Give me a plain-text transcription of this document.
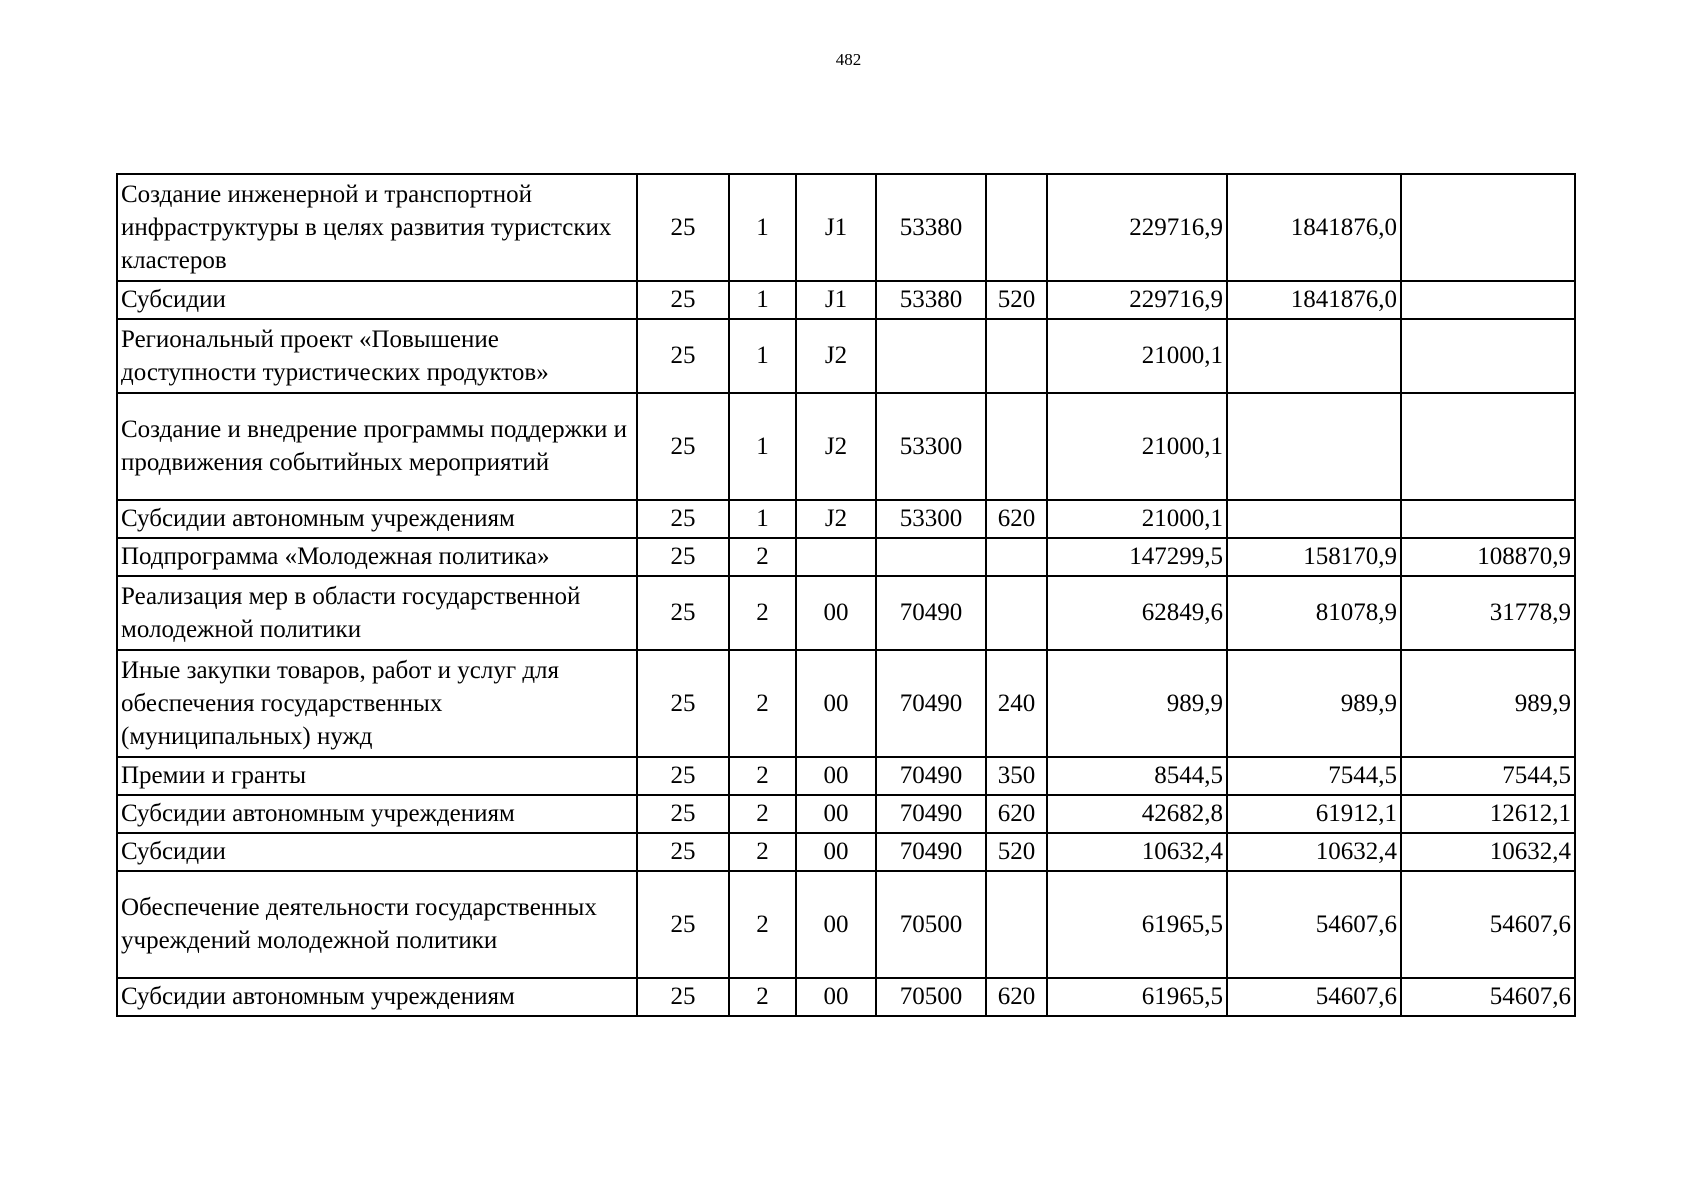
482
Создание инженерной и транспортной инфраструктуры в целях развития туристских кластеров	25	1	J1	53380		229716,9	1841876,0	
Субсидии	25	1	J1	53380	520	229716,9	1841876,0	
Региональный проект «Повышение доступности туристических продуктов»	25	1	J2			21000,1		
Создание и внедрение программы поддержки и продвижения событийных мероприятий	25	1	J2	53300		21000,1		
Субсидии автономным учреждениям	25	1	J2	53300	620	21000,1		
Подпрограмма «Молодежная политика»	25	2				147299,5	158170,9	108870,9
Реализация мер в области государственной молодежной политики	25	2	00	70490		62849,6	81078,9	31778,9
Иные закупки товаров, работ и услуг для обеспечения государственных (муниципальных) нужд	25	2	00	70490	240	989,9	989,9	989,9
Премии и гранты	25	2	00	70490	350	8544,5	7544,5	7544,5
Субсидии автономным учреждениям	25	2	00	70490	620	42682,8	61912,1	12612,1
Субсидии	25	2	00	70490	520	10632,4	10632,4	10632,4
Обеспечение деятельности государственных учреждений молодежной политики	25	2	00	70500		61965,5	54607,6	54607,6
Субсидии автономным учреждениям	25	2	00	70500	620	61965,5	54607,6	54607,6
